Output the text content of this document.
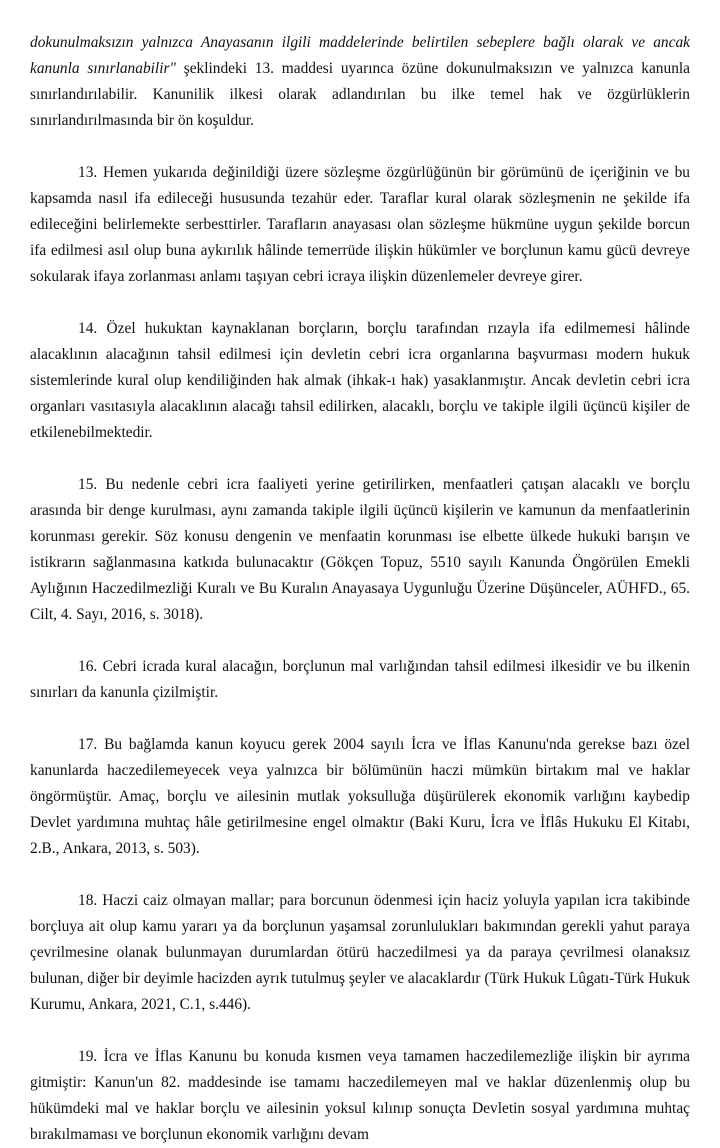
dokunulmaksızın yalnızca Anayasanın ilgili maddelerinde belirtilen sebeplere bağlı olarak ve ancak kanunla sınırlanabilir" şeklindeki 13. maddesi uyarınca özüne dokunulmaksızın ve yalnızca kanunla sınırlandırılabilir. Kanunilik ilkesi olarak adlandırılan bu ilke temel hak ve özgürlüklerin sınırlandırılmasında bir ön koşuldur.

13. Hemen yukarıda değinildiği üzere sözleşme özgürlüğünün bir görümünü de içeriğinin ve bu kapsamda nasıl ifa edileceği hususunda tezahür eder. Taraflar kural olarak sözleşmenin ne şekilde ifa edileceğini belirlemekte serbesttirler. Tarafların anayasası olan sözleşme hükmüne uygun şekilde borcun ifa edilmesi asıl olup buna aykırılık hâlinde temerrüde ilişkin hükümler ve borçlunun kamu gücü devreye sokularak ifaya zorlanması anlamı taşıyan cebri icraya ilişkin düzenlemeler devreye girer.

14. Özel hukuktan kaynaklanan borçların, borçlu tarafından rızayla ifa edilmemesi hâlinde alacaklının alacağının tahsil edilmesi için devletin cebri icra organlarına başvurması modern hukuk sistemlerinde kural olup kendiliğinden hak almak (ihkak-ı hak) yasaklanmıştır. Ancak devletin cebri icra organları vasıtasıyla alacaklının alacağı tahsil edilirken, alacaklı, borçlu ve takiple ilgili üçüncü kişiler de etkilenebilmektedir.

15. Bu nedenle cebri icra faaliyeti yerine getirilirken, menfaatleri çatışan alacaklı ve borçlu arasında bir denge kurulması, aynı zamanda takiple ilgili üçüncü kişilerin ve kamunun da menfaatlerinin korunması gerekir. Söz konusu dengenin ve menfaatin korunması ise elbette ülkede hukuki barışın ve istikrarın sağlanmasına katkıda bulunacaktır (Gökçen Topuz, 5510 sayılı Kanunda Öngörülen Emekli Aylığının Haczedilmezliği Kuralı ve Bu Kuralın Anayasaya Uygunluğu Üzerine Düşünceler, AÜHFD., 65. Cilt, 4. Sayı, 2016, s. 3018).

16. Cebri icrada kural alacağın, borçlunun mal varlığından tahsil edilmesi ilkesidir ve bu ilkenin sınırları da kanunla çizilmiştir.

17. Bu bağlamda kanun koyucu gerek 2004 sayılı İcra ve İflas Kanunu'nda gerekse bazı özel kanunlarda haczedilemeyecek veya yalnızca bir bölümünün haczi mümkün birtakım mal ve haklar öngörmüştür. Amaç, borçlu ve ailesinin mutlak yoksulluğa düşürülerek ekonomik varlığını kaybedip Devlet yardımına muhtaç hâle getirilmesine engel olmaktır (Baki Kuru, İcra ve İflâs Hukuku El Kitabı, 2.B., Ankara, 2013, s. 503).

18. Haczi caiz olmayan mallar; para borcunun ödenmesi için haciz yoluyla yapılan icra takibinde borçluya ait olup kamu yararı ya da borçlunun yaşamsal zorunlulukları bakımından gerekli yahut paraya çevrilmesine olanak bulunmayan durumlardan ötürü haczedilmesi ya da paraya çevrilmesi olanaksız bulunan, diğer bir deyimle hacizden ayrık tutulmuş şeyler ve alacaklardır (Türk Hukuk Lûgatı-Türk Hukuk Kurumu, Ankara, 2021, C.1, s.446).

19. İcra ve İflas Kanunu bu konuda kısmen veya tamamen haczedilemezliğe ilişkin bir ayrıma gitmiştir: Kanun'un 82. maddesinde ise tamamı haczedilemeyen mal ve haklar düzenlenmiş olup bu hükümdeki mal ve haklar borçlu ve ailesinin yoksul kılınıp sonuçta Devletin sosyal yardımına muhtaç bırakılmaması ve borçlunun ekonomik varlığını devam
